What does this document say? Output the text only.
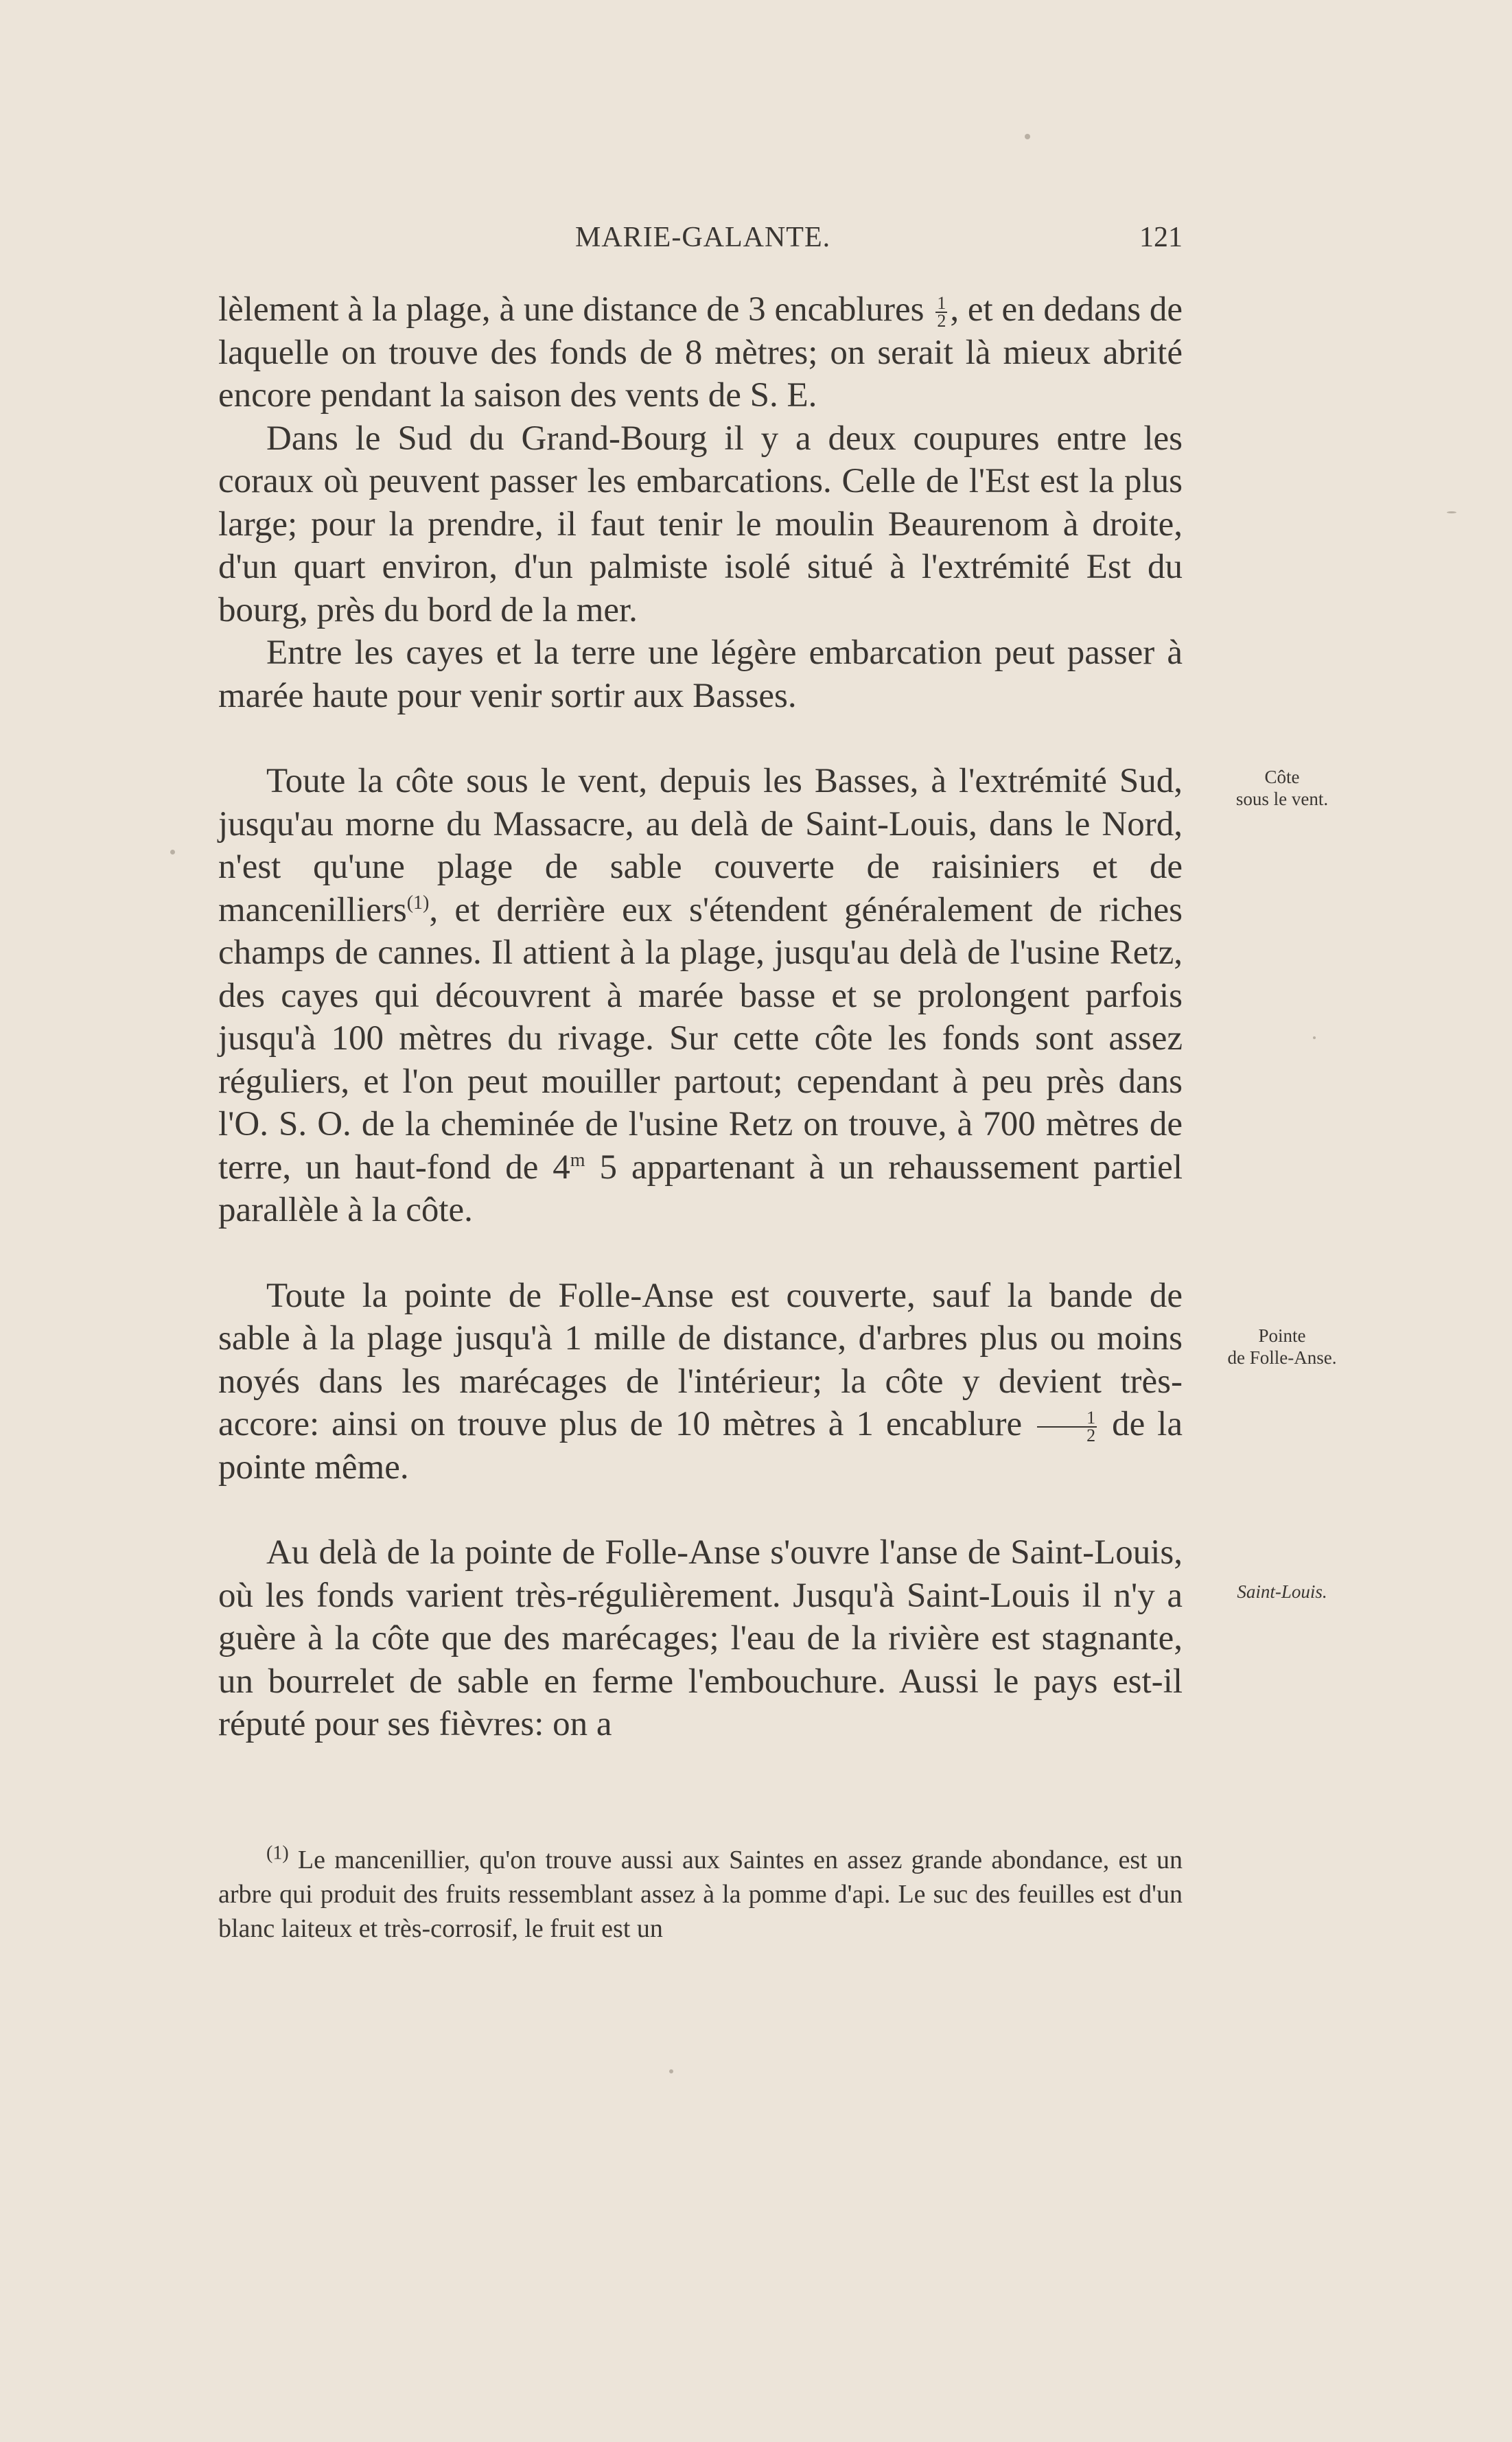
MARIE-GALANTE.	121

lèlement à la plage, à une distance de 3 encablures $\frac{1}{2}$ , et en dedans de laquelle on trouve des fonds de 8 mètres; on serait là mieux abrité encore pendant la saison des vents de S. E.

Dans le Sud du Grand-Bourg il y a deux coupures entre les coraux où peuvent passer les embarcations. Celle de l'Est est la plus large; pour la prendre, il faut tenir le moulin Beaurenom à droite, d'un quart environ, d'un palmiste isolé situé à l'extrémité Est du bourg, près du bord de la mer.

Entre les cayes et la terre une légère embarcation peut passer à marée haute pour venir sortir aux Basses.

Toute la côte sous le vent, depuis les Basses, à l'extrémité Sud, jusqu'au morne du Massacre, au delà de Saint-Louis, dans le Nord, n'est qu'une plage de sable couverte de raisiniers et de mancenilliers$^{(1)}$, et derrière eux s'étendent généralement de riches champs de cannes. Il attient à la plage, jusqu'au delà de l'usine Retz, des cayes qui découvrent à marée basse et se prolongent parfois jusqu'à 100 mètres du rivage. Sur cette côte les fonds sont assez réguliers, et l'on peut mouiller partout; cependant à peu près dans l'O. S. O. de la cheminée de l'usine Retz on trouve, à 700 mètres de terre, un haut-fond de 4$^m$ 5 appartenant à un rehaussement partiel parallèle à la côte.

Toute la pointe de Folle-Anse est couverte, sauf la bande de sable à la plage jusqu'à 1 mille de distance, d'arbres plus ou moins noyés dans les marécages de l'intérieur; la côte y devient très-accore: ainsi on trouve plus de 10 mètres à 1 encablure $\frac{1}{2}$ de la pointe même.

Au delà de la pointe de Folle-Anse s'ouvre l'anse de Saint-Louis, où les fonds varient très-régulièrement. Jusqu'à Saint-Louis il n'y a guère à la côte que des marécages; l'eau de la rivière est stagnante, un bourrelet de sable en ferme l'embouchure. Aussi le pays est-il réputé pour ses fièvres: on a

Côte
sous le vent.
Pointe
de Folle-Anse.
Saint-Louis.

$^{(1)}$ Le mancenillier, qu'on trouve aussi aux Saintes en assez grande abondance, est un arbre qui produit des fruits ressemblant assez à la pomme d'api. Le suc des feuilles est d'un blanc laiteux et très-corrosif, le fruit est un
